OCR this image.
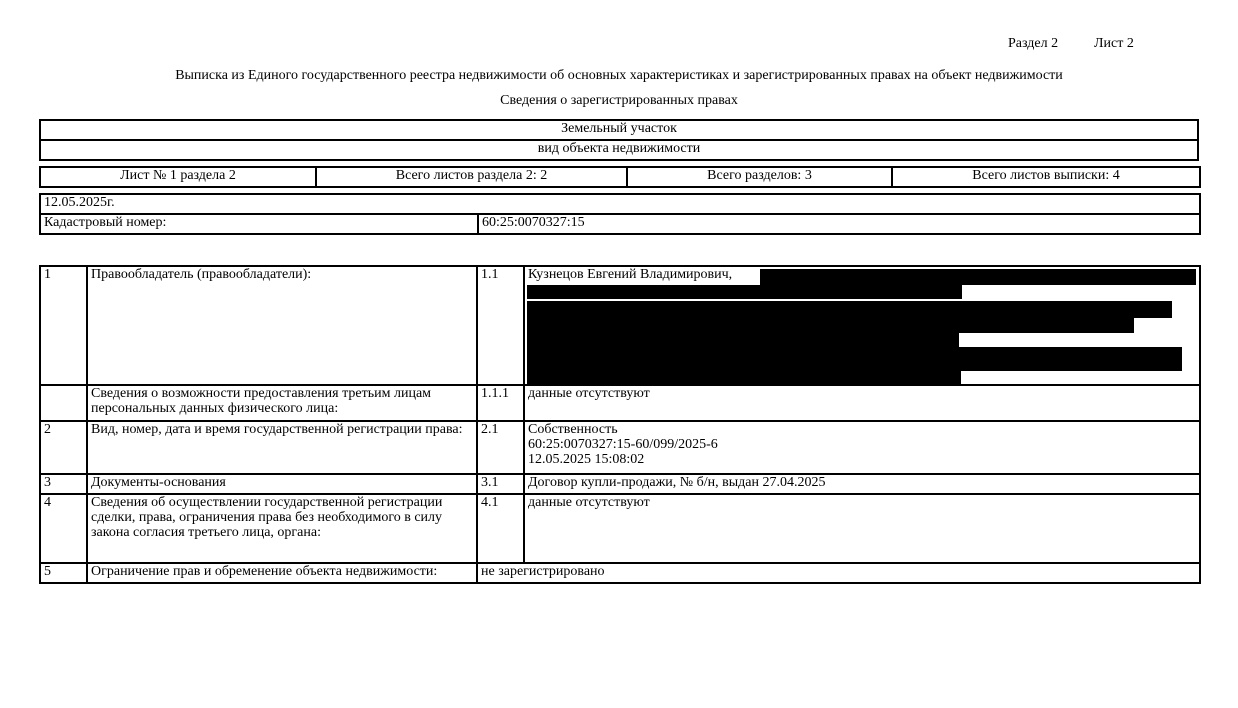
Раздел 2	Лист 2
Выписка из Единого государственного реестра недвижимости об основных характеристиках и зарегистрированных правах на объект недвижимости
Сведения о зарегистрированных правах
Земельный участок
вид объекта недвижимости
Лист № 1 раздела 2	Всего листов раздела 2: 2	Всего разделов: 3	Всего листов выписки: 4
12.05.2025г.
Кадастровый номер:	60:25:0070327:15
1	Правообладатель (правообладатели):	1.1	Кузнецов Евгений Владимирович,
	Сведения о возможности предоставления третьим лицам персональных данных физического лица:	1.1.1	данные отсутствуют
2	Вид, номер, дата и время государственной регистрации права:	2.1	Собственность
60:25:0070327:15-60/099/2025-6
12.05.2025 15:08:02

3	Документы-основания	3.1	Договор купли-продажи, № б/н, выдан 27.04.2025
4	Сведения об осуществлении государственной регистрации сделки, права, ограничения права без необходимого в силу закона согласия третьего лица, органа:	4.1	данные отсутствуют
5	Ограничение прав и обременение объекта недвижимости:	не зарегистрировано	
